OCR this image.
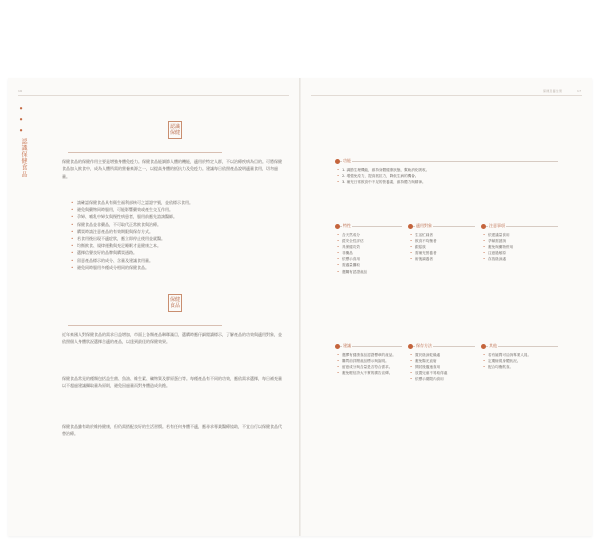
16
● ● ●
認識保健食品
認識保健
保健食品的保健作用主要是增強身體免疫力。保健食品能調節人體的機能，適用於特定人群，不以治療疾病為目的。可將保健食品加入飲食中，成為人體所需的營養來源之一，以提高身體的抵抗力及免疫力。建議每日依照產品說明適量食用，切勿過量。
• 請確認保健食品具有衛生福利部核可之認證字號，並依標示食用。
• 避免與藥物同時服用，可能影響藥效或產生交互作用。
• 孕婦、哺乳中婦女與慢性病患者，服用前應先諮詢醫師。
• 保健食品並非藥品，不可取代正常飲食與治療。
• 購買時請注意產品的有效期限與保存方式。
• 若食用後出現不適症狀，應立即停止使用並就醫。
• 均衡飲食、規律運動與充足睡眠才是健康之本。
• 選擇信譽良好的品牌與購買通路。
• 留意產品標示的成分、含量及建議食用量。
• 避免同時服用多種成分相同的保健食品。
保健食品
近年來國人對保健食品的需求日益增加，市面上各類產品琳瑯滿目，選購時應仔細閱讀標示，了解產品的功效與適用對象，並依照個人身體狀況選擇合適的產品，以達到最佳的保健效果。
保健食品常見的種類包括益生菌、魚油、維生素、礦物質及膠原蛋白等。每種產品有不同的功效，應依需求選擇，每日補充量以不超過建議攝取量為原則，避免因過量而對身體造成負擔。
保健食品雖有助於維持健康，但仍需搭配良好的生活習慣。若有任何身體不適，應尋求專業醫療協助，不宜自行以保健食品代替治療。
保健及養生策	17
功能
• 1. 調節生理機能，維持身體健康狀態，幫助消化吸收。
• 2. 增強免疫力，提高抵抗力，降低生病的機會。
• 3. 補充日常飲食中不足的營養素，維持體力與精神。
特性
• 含天然成分
• 經安全性評估
• 具保健功效
• 非藥品
• 依標示食用
• 需適量攝取
• 選購有認證產品
適用對象
• 生活忙碌者
• 飲食不均衡者
• 銀髮族
• 需補充營養者
• 術後調養者
注意事項
• 依建議量食用
• 孕婦需諮詢
• 避免與藥物併用
• 注意過敏原
• 存放陰涼處
建議
• 選擇有健康食品認證標章的產品。
• 購買前詳閱產品標示與說明。
• 留意成分與含量是否符合需求。
• 避免輕信誇大不實的廣告宣傳。
保存方法
• 置於陰涼乾燥處
• 避免陽光直射
• 開封後儘速食用
• 放置兒童不易取得處
• 依標示期限內食用
其他
• 若有疑問可洽詢專業人員。
• 定期檢視身體狀況。
• 配合均衡飲食。
